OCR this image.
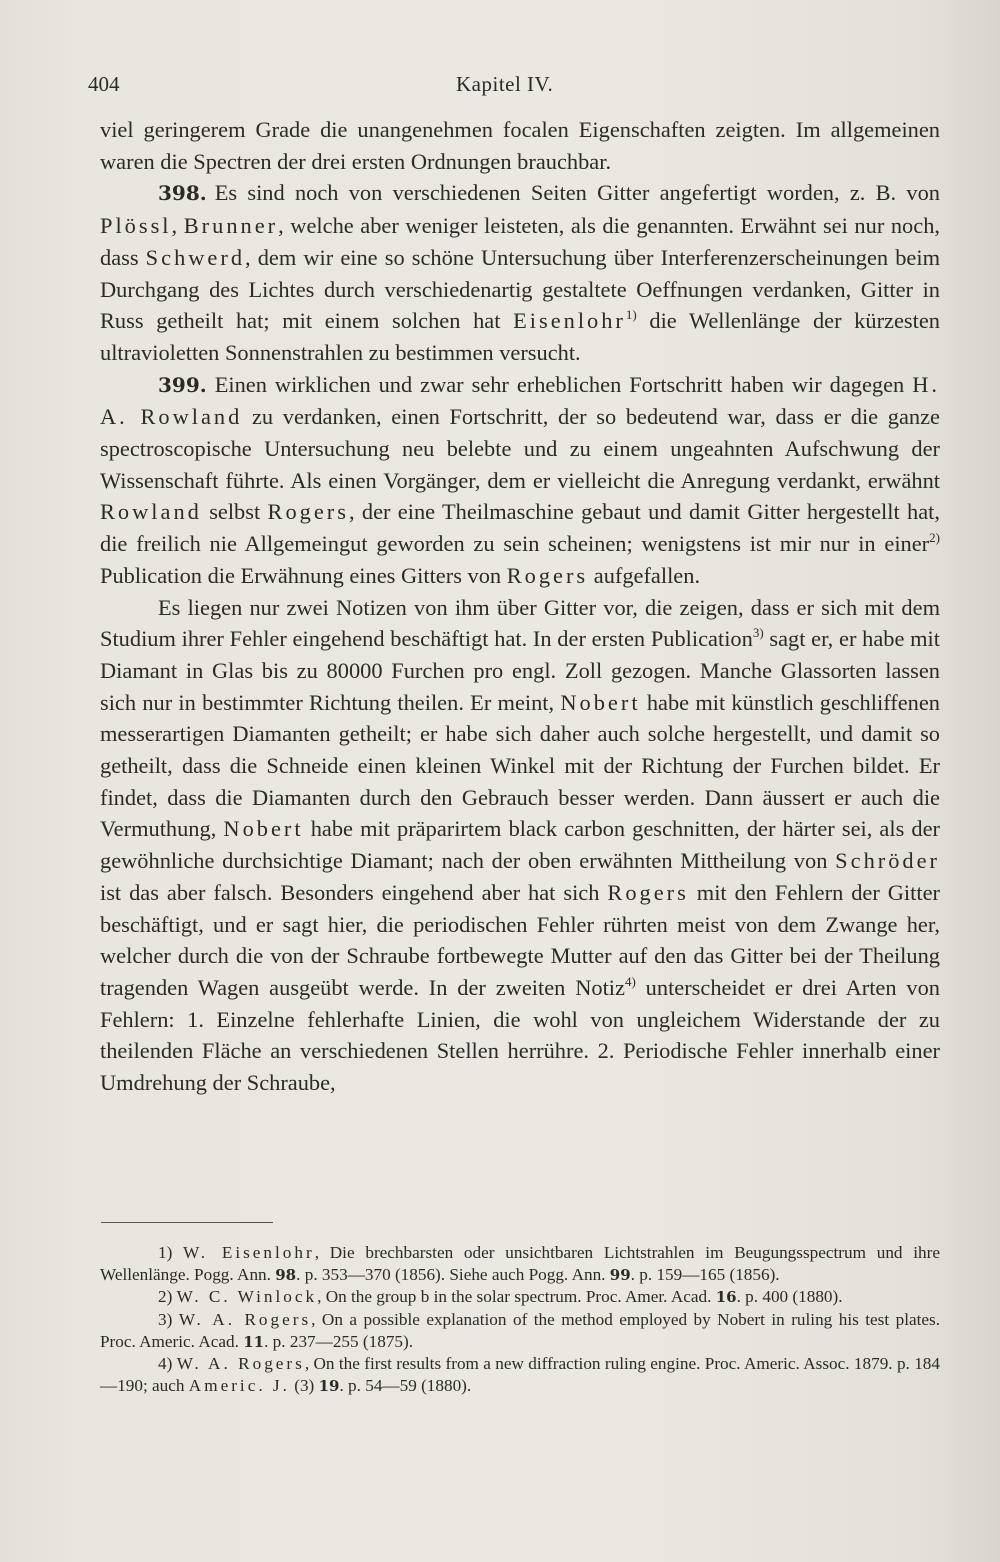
404	Kapitel IV.

viel geringerem Grade die unangenehmen focalen Eigenschaften zeigten. Im allgemeinen waren die Spectren der drei ersten Ordnungen brauchbar.

398. Es sind noch von verschiedenen Seiten Gitter angefertigt worden, z. B. von Plössl, Brunner, welche aber weniger leisteten, als die genannten. Erwähnt sei nur noch, dass Schwerd, dem wir eine so schöne Untersuchung über Interferenzerscheinungen beim Durchgang des Lichtes durch verschiedenartig gestaltete Oeffnungen verdanken, Gitter in Russ getheilt hat; mit einem solchen hat Eisenlohr$^{1)}$ die Wellenlänge der kürzesten ultravioletten Sonnenstrahlen zu bestimmen versucht.

399. Einen wirklichen und zwar sehr erheblichen Fortschritt haben wir dagegen H. A. Rowland zu verdanken, einen Fortschritt, der so bedeutend war, dass er die ganze spectroscopische Untersuchung neu belebte und zu einem ungeahnten Aufschwung der Wissenschaft führte. Als einen Vorgänger, dem er vielleicht die Anregung verdankt, erwähnt Rowland selbst Rogers, der eine Theilmaschine gebaut und damit Gitter hergestellt hat, die freilich nie Allgemeingut geworden zu sein scheinen; wenigstens ist mir nur in einer$^{2)}$ Publication die Erwähnung eines Gitters von Rogers aufgefallen.

Es liegen nur zwei Notizen von ihm über Gitter vor, die zeigen, dass er sich mit dem Studium ihrer Fehler eingehend beschäftigt hat. In der ersten Publication$^{3)}$ sagt er, er habe mit Diamant in Glas bis zu 80000 Furchen pro engl. Zoll gezogen. Manche Glassorten lassen sich nur in bestimmter Richtung theilen. Er meint, Nobert habe mit künstlich geschliffenen messerartigen Diamanten getheilt; er habe sich daher auch solche hergestellt, und damit so getheilt, dass die Schneide einen kleinen Winkel mit der Richtung der Furchen bildet. Er findet, dass die Diamanten durch den Gebrauch besser werden. Dann äussert er auch die Vermuthung, Nobert habe mit präparirtem black carbon geschnitten, der härter sei, als der gewöhnliche durchsichtige Diamant; nach der oben erwähnten Mittheilung von Schröder ist das aber falsch. Besonders eingehend aber hat sich Rogers mit den Fehlern der Gitter beschäftigt, und er sagt hier, die periodischen Fehler rührten meist von dem Zwange her, welcher durch die von der Schraube fortbewegte Mutter auf den das Gitter bei der Theilung tragenden Wagen ausgeübt werde. In der zweiten Notiz$^{4)}$ unterscheidet er drei Arten von Fehlern: 1. Einzelne fehlerhafte Linien, die wohl von ungleichem Widerstande der zu theilenden Fläche an verschiedenen Stellen herrühre. 2. Periodische Fehler innerhalb einer Umdrehung der Schraube,

1) W. Eisenlohr, Die brechbarsten oder unsichtbaren Lichtstrahlen im Beugungsspectrum und ihre Wellenlänge. Pogg. Ann. 98. p. 353—370 (1856). Siehe auch Pogg. Ann. 99. p. 159—165 (1856).

2) W. C. Winlock, On the group b in the solar spectrum. Proc. Amer. Acad. 16. p. 400 (1880).

3) W. A. Rogers, On a possible explanation of the method employed by Nobert in ruling his test plates. Proc. Americ. Acad. 11. p. 237—255 (1875).

4) W. A. Rogers, On the first results from a new diffraction ruling engine. Proc. Americ. Assoc. 1879. p. 184—190; auch Americ. J. (3) 19. p. 54—59 (1880).
